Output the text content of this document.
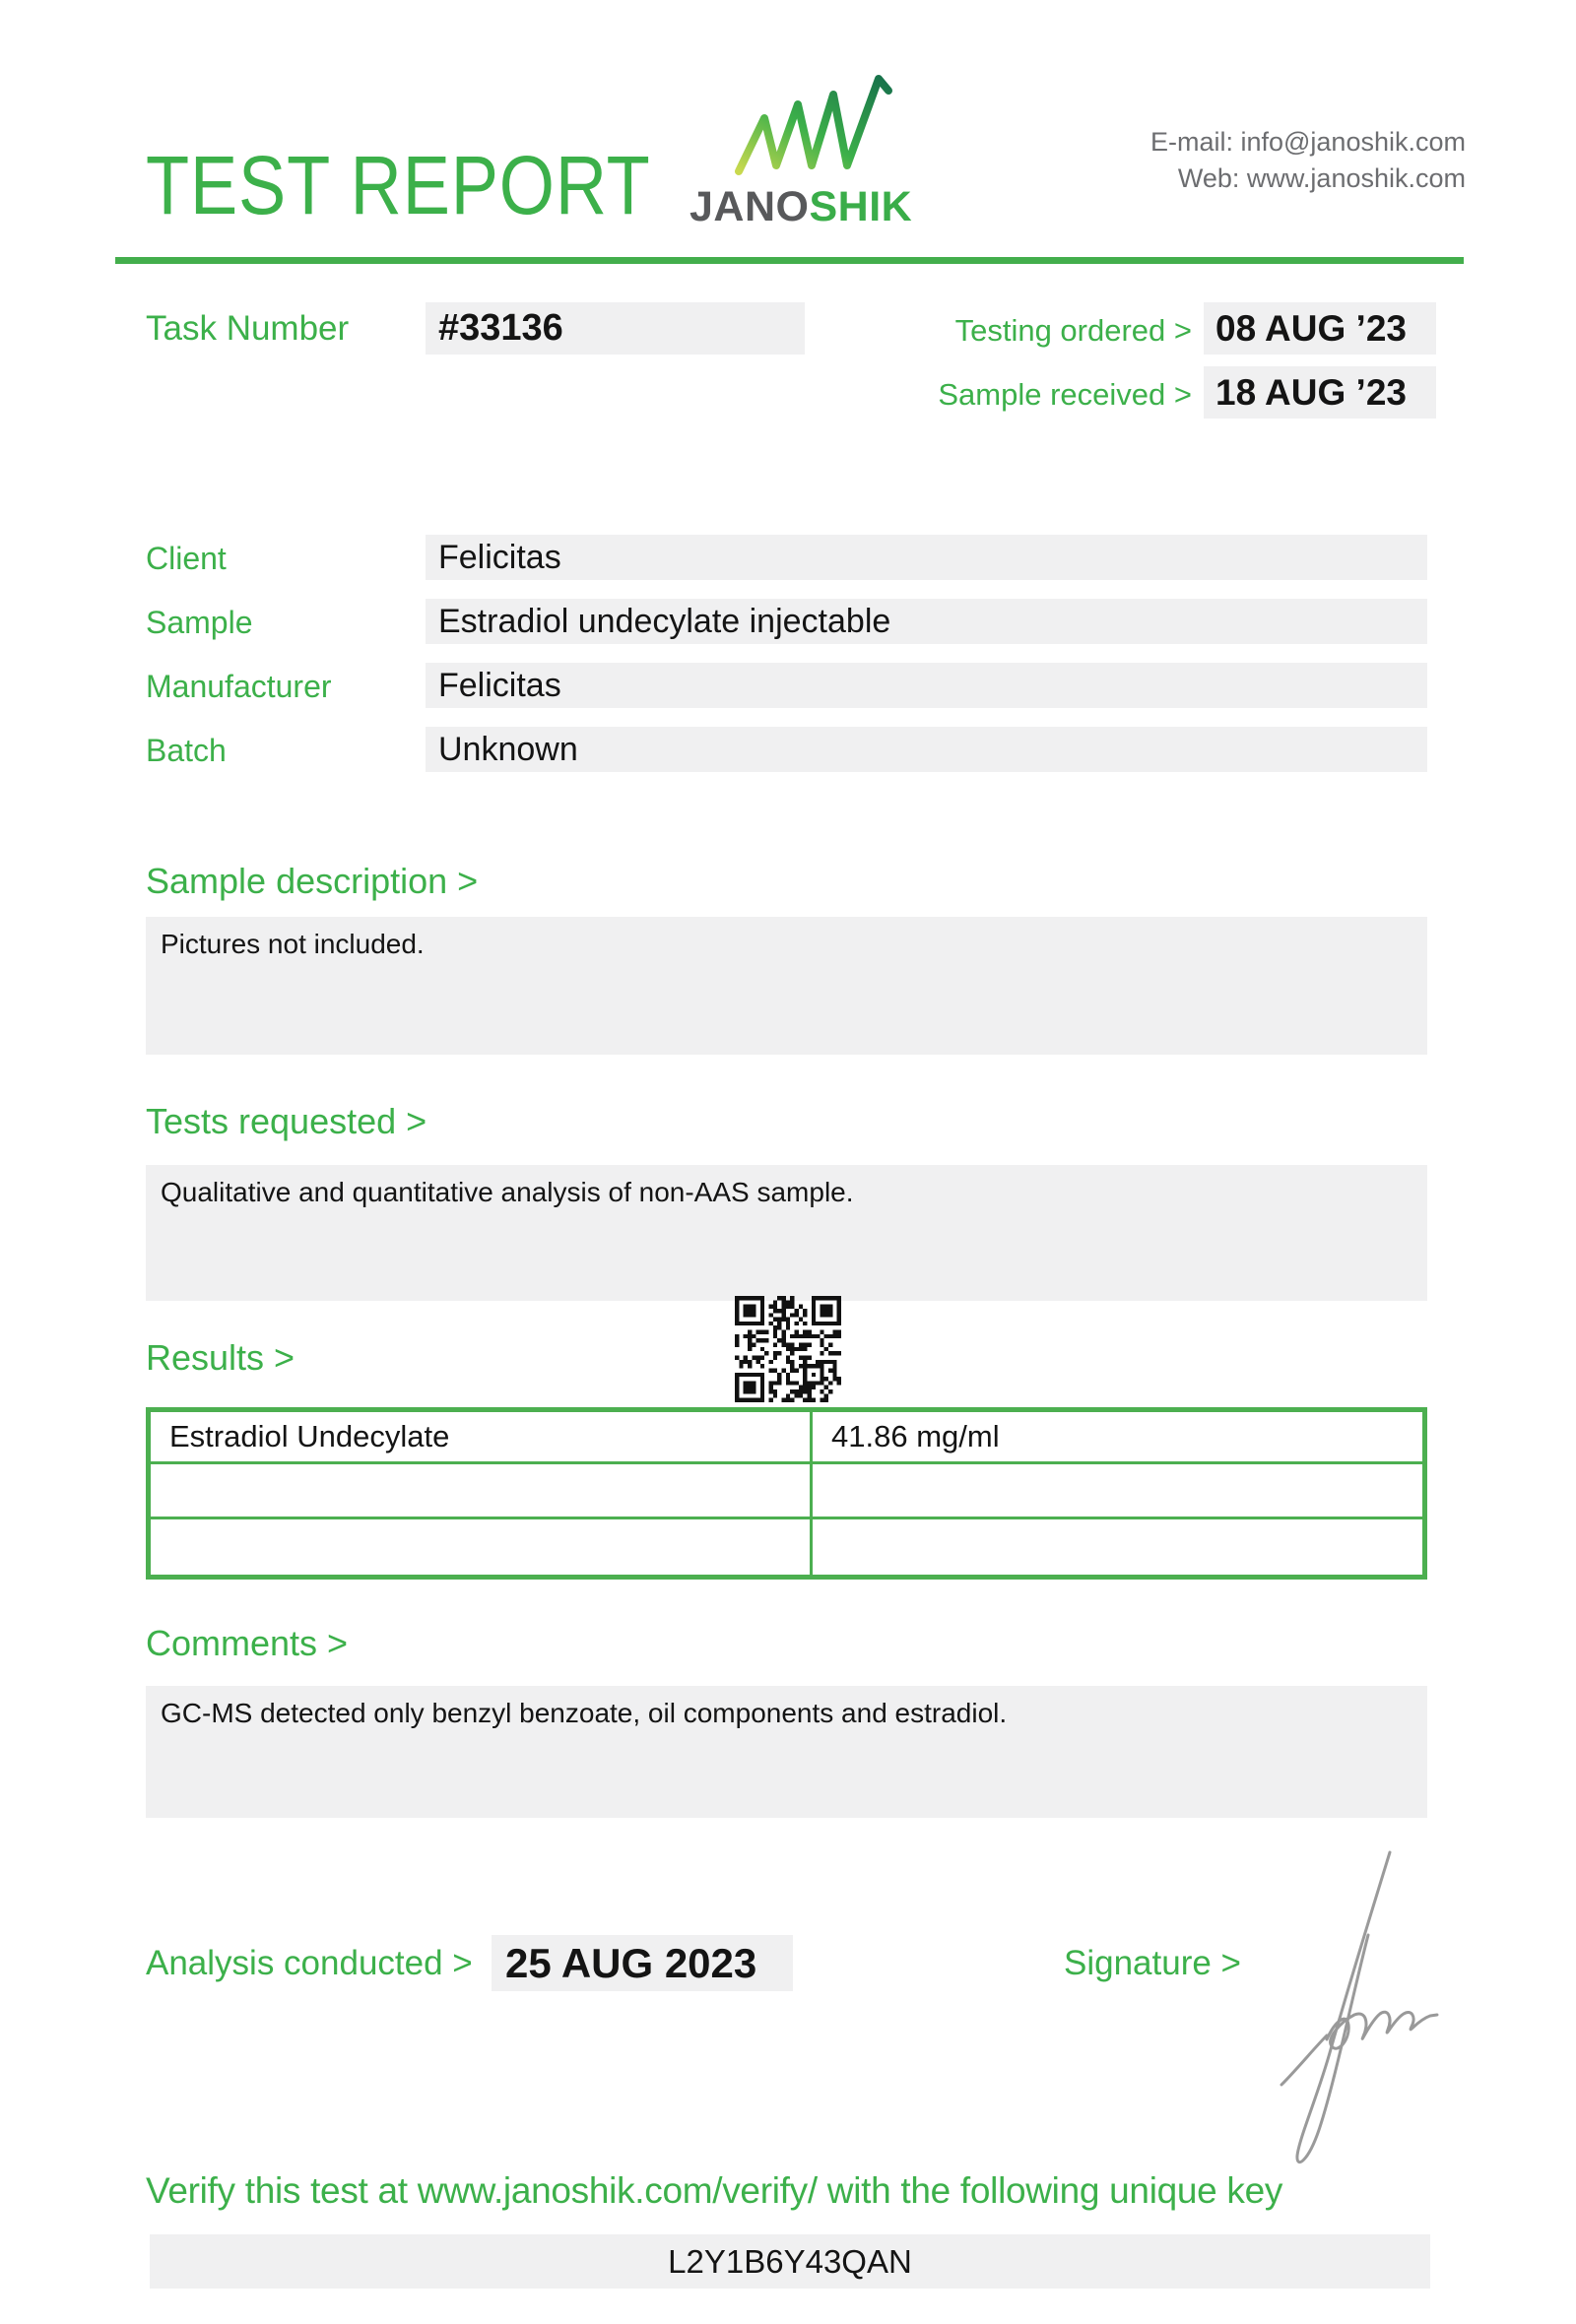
TEST REPORT JANOSHIK
E-mail: info@janoshik.com
Web: www.janoshik.com
Task Number	#33136	Testing ordered > 08 AUG ’23
Sample received > 18 AUG ’23
Client	Felicitas
Sample	Estradiol undecylate injectable
Manufacturer	Felicitas
Batch	Unknown
Sample description >
Pictures not included.
Tests requested >
Qualitative and quantitative analysis of non-AAS sample.
Results >
Estradiol Undecylate	41.86 mg/ml
Comments >
GC-MS detected only benzyl benzoate, oil components and estradiol.
Analysis conducted > 25 AUG 2023	Signature >
Verify this test at www.janoshik.com/verify/ with the following unique key
L2Y1B6Y43QAN
